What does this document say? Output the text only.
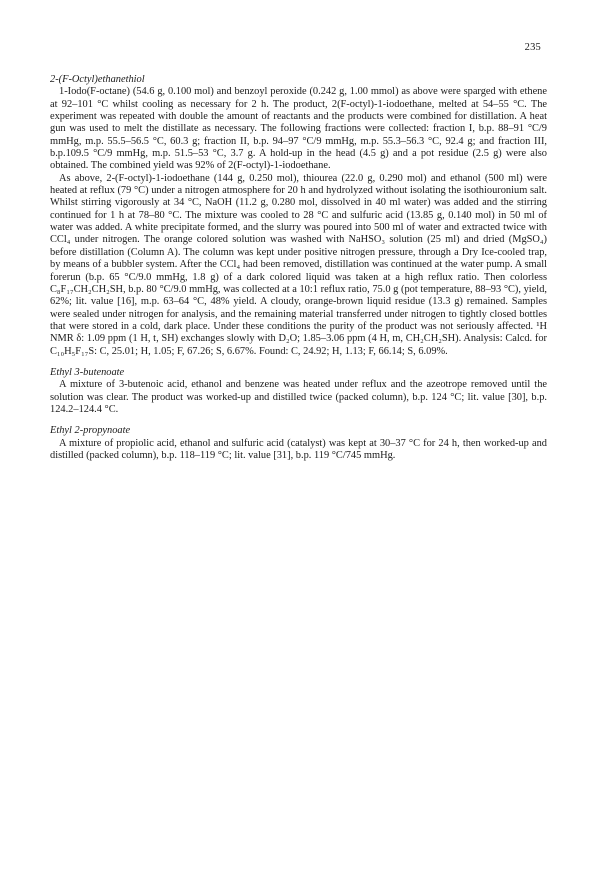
235

2-(F-Octyl)ethanethiol

1-Iodo(F-octane) (54.6 g, 0.100 mol) and benzoyl peroxide (0.242 g, 1.00 mmol) as above were sparged with ethene at 92–101 °C whilst cooling as necessary for 2 h. The product, 2(F-octyl)-1-iodoethane, melted at 54–55 °C. The experiment was repeated with double the amount of reactants and the products were combined for distillation. A heat gun was used to melt the distillate as necessary. The following fractions were collected: fraction I, b.p. 88–91 °C/9 mmHg, m.p. 55.5–56.5 °C, 60.3 g; fraction II, b.p. 94–97 °C/9 mmHg, m.p. 55.3–56.3 °C, 92.4 g; and fraction III, b.p.109.5 °C/9 mmHg, m.p. 51.5–53 °C, 3.7 g. A hold-up in the head (4.5 g) and a pot residue (2.5 g) were also obtained. The combined yield was 92% of 2(F-octyl)-1-iodoethane.

As above, 2-(F-octyl)-1-iodoethane (144 g, 0.250 mol), thiourea (22.0 g, 0.290 mol) and ethanol (500 ml) were heated at reflux (79 °C) under a nitrogen atmosphere for 20 h and hydrolyzed without isolating the isothiouronium salt. Whilst stirring vigorously at 34 °C, NaOH (11.2 g, 0.280 mol, dissolved in 40 ml water) was added and the stirring continued for 1 h at 78–80 °C. The mixture was cooled to 28 °C and sulfuric acid (13.85 g, 0.140 mol) in 50 ml of water was added. A white precipitate formed, and the slurry was poured into 500 ml of water and extracted twice with CCl₄ under nitrogen. The orange colored solution was washed with NaHSO₃ solution (25 ml) and dried (MgSO₄) before distillation (Column A). The column was kept under positive nitrogen pressure, through a Dry Ice-cooled trap, by means of a bubbler system. After the CCl₄ had been removed, distillation was continued at the water pump. A small forerun (b.p. 65 °C/9.0 mmHg, 1.8 g) of a dark colored liquid was taken at a high reflux ratio. Then colorless C₈F₁₇CH₂CH₂SH, b.p. 80 °C/9.0 mmHg, was collected at a 10:1 reflux ratio, 75.0 g (pot temperature, 88–93 °C), yield, 62%; lit. value [16], m.p. 63–64 °C, 48% yield. A cloudy, orange-brown liquid residue (13.3 g) remained. Samples were sealed under nitrogen for analysis, and the remaining material transferred under nitrogen to tightly closed bottles that were stored in a cold, dark place. Under these conditions the purity of the product was not seriously affected. ¹H NMR δ: 1.09 ppm (1 H, t, SH) exchanges slowly with D₂O; 1.85–3.06 ppm (4 H, m, CH₂CH₂SH). Analysis: Calcd. for C₁₀H₅F₁₇S: C, 25.01; H, 1.05; F, 67.26; S, 6.67%. Found: C, 24.92; H, 1.13; F, 66.14; S, 6.09%.

Ethyl 3-butenoate

A mixture of 3-butenoic acid, ethanol and benzene was heated under reflux and the azeotrope removed until the solution was clear. The product was worked-up and distilled twice (packed column), b.p. 124 °C; lit. value [30], b.p. 124.2–124.4 °C.

Ethyl 2-propynoate

A mixture of propiolic acid, ethanol and sulfuric acid (catalyst) was kept at 30–37 °C for 24 h, then worked-up and distilled (packed column), b.p. 118–119 °C; lit. value [31], b.p. 119 °C/745 mmHg.
